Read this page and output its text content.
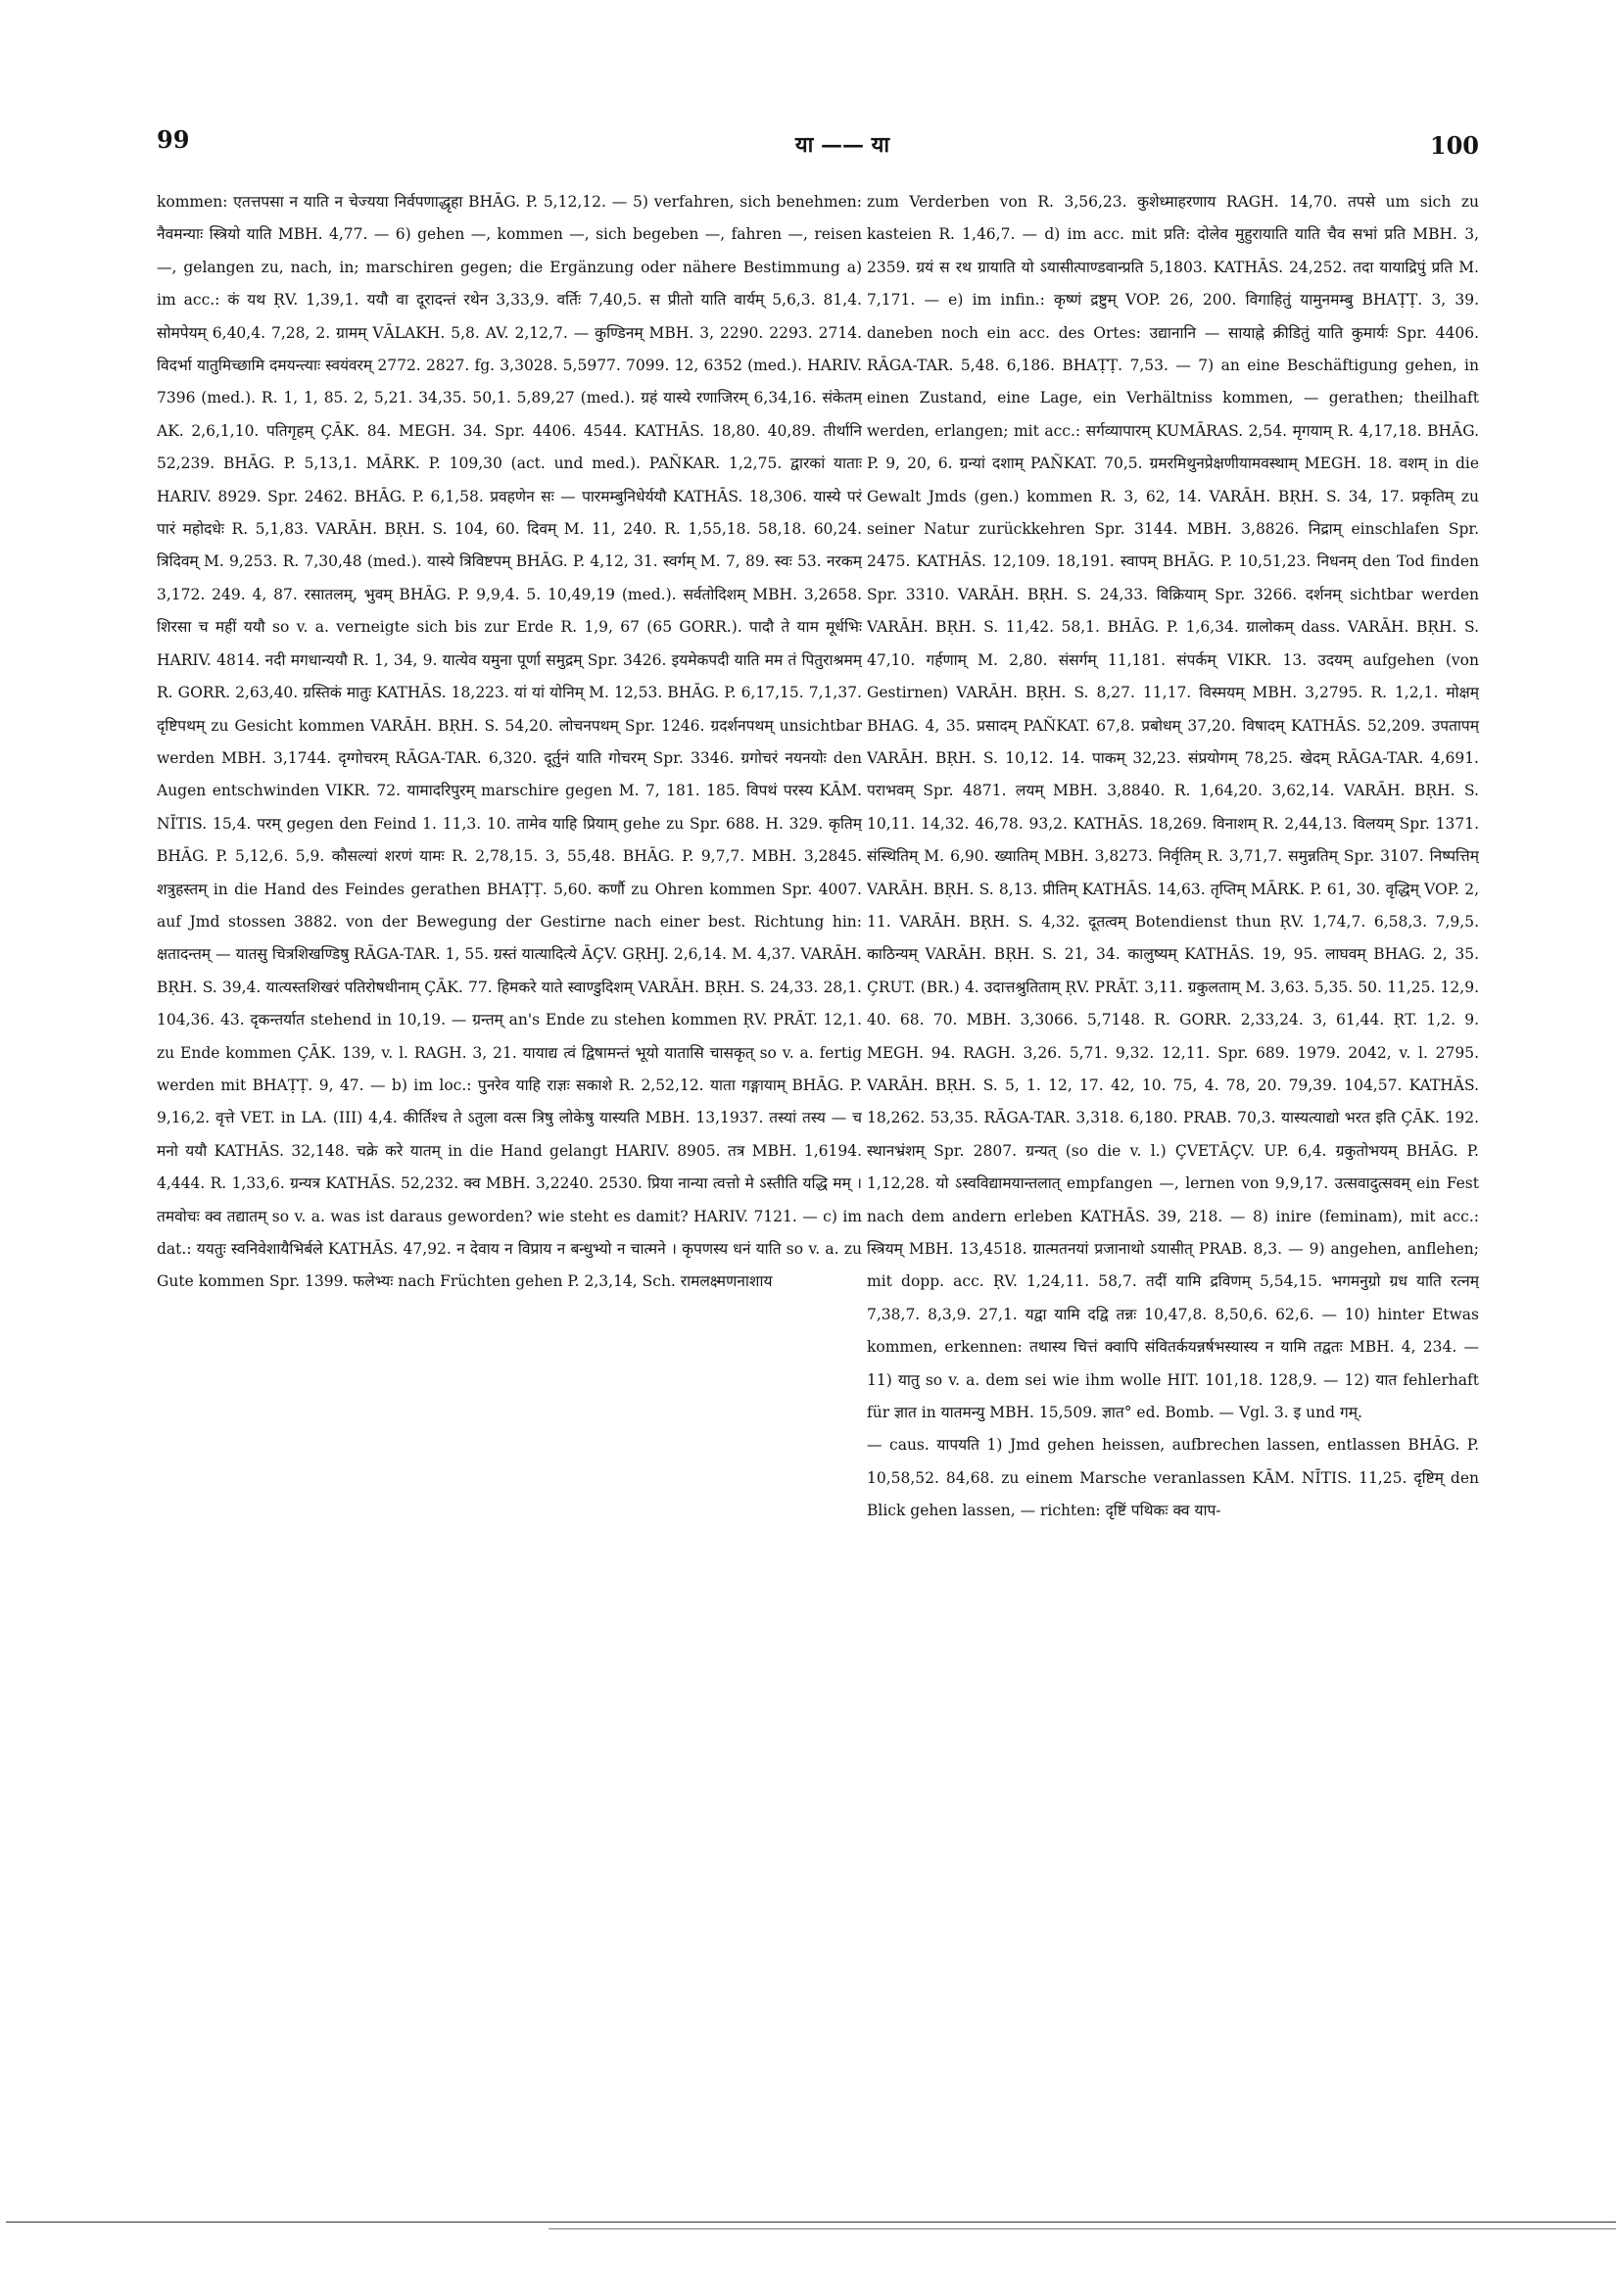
99	या —— या	100

kommen: एतत्तपसा न याति न चेज्यया निर्वपणाद्धृहा BHĀG. P. 5,12,12. — 5) verfahren, sich benehmen: नैवमन्याः स्त्रियो याति MBH. 4,77. — 6) gehen —, kommen —, sich begeben —, fahren —, reisen —, gelangen zu, nach, in; marschiren gegen; die Ergänzung oder nähere Bestimmung a) im acc.: कं यथ ṚV. 1,39,1. ययौ वा दूरादन्तं रथेन 3,33,9. वर्तिः 7,40,5. स प्रीतो याति वार्यम् 5,6,3. 81,4. सोमपेयम् 6,40,4. 7,28, 2. ग्रामम् VĀLAKH. 5,8. AV. 2,12,7. — कुण्डिनम् MBH. 3, 2290. 2293. 2714. विदर्भा यातुमिच्छामि दमयन्त्याः स्वयंवरम् 2772. 2827. fg. 3,3028. 5,5977. 7099. 12, 6352 (med.). HARIV. 7396 (med.). R. 1, 1, 85. 2, 5,21. 34,35. 50,1. 5,89,27 (med.). ग्रहं यास्ये रणाजिरम् 6,34,16. संकेतम् AK. 2,6,1,10. पतिगृहम् ÇĀK. 84. MEGH. 34. Spr. 4406. 4544. KATHĀS. 18,80. 40,89. तीर्थानि 52,239. BHĀG. P. 5,13,1. MĀRK. P. 109,30 (act. und med.). PAÑKAR. 1,2,75. द्वारकां याताः HARIV. 8929. Spr. 2462. BHĀG. P. 6,1,58. प्रवहणेन सः — पारमम्बुनिधेर्ययौ KATHĀS. 18,306. यास्ये परं पारं महोदधेः R. 5,1,83. VARĀH. BṚH. S. 104, 60. दिवम् M. 11, 240. R. 1,55,18. 58,18. 60,24. त्रिदिवम् M. 9,253. R. 7,30,48 (med.). यास्ये त्रिविष्टपम् BHĀG. P. 4,12, 31. स्वर्गम् M. 7, 89. स्वः 53. नरकम् 3,172. 249. 4, 87. रसातलम्, भुवम् BHĀG. P. 9,9,4. 5. 10,49,19 (med.). सर्वतोदिशम् MBH. 3,2658. शिरसा च महीं ययौ so v. a. verneigte sich bis zur Erde R. 1,9, 67 (65 GORR.). पादौ ते याम मूर्धभिः HARIV. 4814. नदी मगधान्ययौ R. 1, 34, 9. यात्येव यमुना पूर्णा समुद्रम् Spr. 3426. इयमेकपदी याति मम तं पितुराश्रमम् R. GORR. 2,63,40. ग्रस्तिकं मातुः KATHĀS. 18,223. यां यां योनिम् M. 12,53. BHĀG. P. 6,17,15. 7,1,37. दृष्टिपथम् zu Gesicht kommen VARĀH. BṚH. S. 54,20. लोचनपथम् Spr. 1246. ग्रदर्शनपथम् unsichtbar werden MBH. 3,1744. दृग्गोचरम् RĀGA-TAR. 6,320. दूर्तुनं याति गोचरम् Spr. 3346. ग्रगोचरं नयनयोः den Augen entschwinden VIKR. 72. यामादरिपुरम् marschire gegen M. 7, 181. 185. विपथं परस्य KĀM. NĪTIS. 15,4. परम् gegen den Feind 1. 11,3. 10. तामेव याहि प्रियाम् gehe zu Spr. 688. H. 329. कृतिम् BHĀG. P. 5,12,6. 5,9. कौसल्यां शरणं यामः R. 2,78,15. 3, 55,48. BHĀG. P. 9,7,7. MBH. 3,2845. शत्रुहस्तम् in die Hand des Feindes gerathen BHAṬṬ. 5,60. कर्णौ zu Ohren kommen Spr. 4007. auf Jmd stossen 3882. von der Bewegung der Gestirne nach einer best. Richtung hin: क्षतादन्तम् — यातसु चित्रशिखण्डिषु RĀGA-TAR. 1, 55. ग्रस्तं यात्यादित्ये ĀÇV. GṚHJ. 2,6,14. M. 4,37. VARĀH. BṚH. S. 39,4. यात्यस्तशिखरं पतिरोषधीनाम् ÇĀK. 77. हिमकरे याते स्वाण्डुदिशम् VARĀH. BṚH. S. 24,33. 28,1. 104,36. 43. दृकन्तर्यात stehend in 10,19. — ग्रन्तम् an's Ende zu stehen kommen ṚV. PRĀT. 12,1. zu Ende kommen ÇĀK. 139, v. l. RAGH. 3, 21. यायाद्य त्वं द्विषामन्तं भूयो यातासि चासकृत् so v. a. fertig werden mit BHAṬṬ. 9, 47. — b) im loc.: पुनरेव याहि राज्ञः सकाशे R. 2,52,12. याता गङ्गायाम् BHĀG. P. 9,16,2. वृत्ते VET. in LA. (III) 4,4. कीर्तिश्च ते ऽतुला वत्स त्रिषु लोकेषु यास्यति MBH. 13,1937. तस्यां तस्य — च मनो ययौ KATHĀS. 32,148. चक्रे करे यातम् in die Hand gelangt HARIV. 8905. तत्र MBH. 1,6194. 4,444. R. 1,33,6. ग्रन्यत्र KATHĀS. 52,232. क्व MBH. 3,2240. 2530. प्रिया नान्या त्वत्तो मे ऽस्तीति यद्धि मम् । तमवोचः क्व तद्यातम् so v. a. was ist daraus geworden? wie steht es damit? HARIV. 7121. — c) im dat.: ययतुः स्वनिवेशायैभिर्बले KATHĀS. 47,92. न देवाय न विप्राय न बन्धुभ्यो न चात्मने । कृपणस्य धनं याति so v. a. zu Gute kommen Spr. 1399. फलेभ्यः nach Früchten gehen P. 2,3,14, Sch. रामलक्ष्मणनाशाय

zum Verderben von R. 3,56,23. कुशेध्माहरणाय RAGH. 14,70. तपसे um sich zu kasteien R. 1,46,7. — d) im acc. mit प्रति: दोलेव मुहुरायाति याति चैव सभां प्रति MBH. 3, 2359. ग्रयं स रथ ग्रायाति यो ऽयासीत्पाण्डवान्प्रति 5,1803. KATHĀS. 24,252. तदा यायाद्रिपुं प्रति M. 7,171. — e) im infin.: कृष्णं द्रष्टुम् VOP. 26, 200. विगाहितुं यामुनमम्बु BHAṬṬ. 3, 39. daneben noch ein acc. des Ortes: उद्यानानि — सायाह्ने क्रीडितुं याति कुमार्यः Spr. 4406. RĀGA-TAR. 5,48. 6,186. BHAṬṬ. 7,53. — 7) an eine Beschäftigung gehen, in einen Zustand, eine Lage, ein Verhältniss kommen, — gerathen; theilhaft werden, erlangen; mit acc.: सर्गव्यापारम् KUMĀRAS. 2,54. मृगयाम् R. 4,17,18. BHĀG. P. 9, 20, 6. ग्रन्यां दशाम् PAÑKAT. 70,5. ग्रमरमिथुनप्रेक्षणीयामवस्थाम् MEGH. 18. वशम् in die Gewalt Jmds (gen.) kommen R. 3, 62, 14. VARĀH. BṚH. S. 34, 17. प्रकृतिम् zu seiner Natur zurückkehren Spr. 3144. MBH. 3,8826. निद्राम् einschlafen Spr. 2475. KATHĀS. 12,109. 18,191. स्वापम् BHĀG. P. 10,51,23. निधनम् den Tod finden Spr. 3310. VARĀH. BṚH. S. 24,33. विक्रियाम् Spr. 3266. दर्शनम् sichtbar werden VARĀH. BṚH. S. 11,42. 58,1. BHĀG. P. 1,6,34. ग्रालोकम् dass. VARĀH. BṚH. S. 47,10. गर्हणाम् M. 2,80. संसर्गम् 11,181. संपर्कम् VIKR. 13. उदयम् aufgehen (von Gestirnen) VARĀH. BṚH. S. 8,27. 11,17. विस्मयम् MBH. 3,2795. R. 1,2,1. मोक्षम् BHAG. 4, 35. प्रसादम् PAÑKAT. 67,8. प्रबोधम् 37,20. विषादम् KATHĀS. 52,209. उपतापम् VARĀH. BṚH. S. 10,12. 14. पाकम् 32,23. संप्रयोगम् 78,25. खेदम् RĀGA-TAR. 4,691. पराभवम् Spr. 4871. लयम् MBH. 3,8840. R. 1,64,20. 3,62,14. VARĀH. BṚH. S. 10,11. 14,32. 46,78. 93,2. KATHĀS. 18,269. विनाशम् R. 2,44,13. विलयम् Spr. 1371. संस्थितिम् M. 6,90. ख्यातिम् MBH. 3,8273. निर्वृतिम् R. 3,71,7. समुन्नतिम् Spr. 3107. निष्पत्तिम् VARĀH. BṚH. S. 8,13. प्रीतिम् KATHĀS. 14,63. तृप्तिम् MĀRK. P. 61, 30. वृद्धिम् VOP. 2, 11. VARĀH. BṚH. S. 4,32. दूतत्वम् Botendienst thun ṚV. 1,74,7. 6,58,3. 7,9,5. काठिन्यम् VARĀH. BṚH. S. 21, 34. कालुष्यम् KATHĀS. 19, 95. लाघवम् BHAG. 2, 35. ÇRUT. (BR.) 4. उदात्तश्रुतिताम् ṚV. PRĀT. 3,11. ग्रकुलताम् M. 3,63. 5,35. 50. 11,25. 12,9. 40. 68. 70. MBH. 3,3066. 5,7148. R. GORR. 2,33,24. 3, 61,44. ṚT. 1,2. 9. MEGH. 94. RAGH. 3,26. 5,71. 9,32. 12,11. Spr. 689. 1979. 2042, v. l. 2795. VARĀH. BṚH. S. 5, 1. 12, 17. 42, 10. 75, 4. 78, 20. 79,39. 104,57. KATHĀS. 18,262. 53,35. RĀGA-TAR. 3,318. 6,180. PRAB. 70,3. यास्यत्याद्यो भरत इति ÇĀK. 192. स्थानभ्रंशम् Spr. 2807. ग्रन्यत् (so die v. l.) ÇVETĀÇV. UP. 6,4. ग्रकुतोभयम् BHĀG. P. 1,12,28. यो ऽस्वविद्यामयान्तलात् empfangen —, lernen von 9,9,17. उत्सवादुत्सवम् ein Fest nach dem andern erleben KATHĀS. 39, 218. — 8) inire (feminam), mit acc.: स्त्रियम् MBH. 13,4518. ग्रात्मतनयां प्रजानाथो ऽयासीत् PRAB. 8,3. — 9) angehen, anflehen; mit dopp. acc. ṚV. 1,24,11. 58,7. तदीं यामि द्रविणम् 5,54,15. भगमनुग्रो ग्रध याति रत्नम् 7,38,7. 8,3,9. 27,1. यद्वा यामि दद्वि तन्नः 10,47,8. 8,50,6. 62,6. — 10) hinter Etwas kommen, erkennen: तथास्य चित्तं क्वापि संवितर्कयन्नर्षभस्यास्य न यामि तद्वतः MBH. 4, 234. — 11) यातु so v. a. dem sei wie ihm wolle HIT. 101,18. 128,9. — 12) यात fehlerhaft für ज्ञात in यातमन्यु MBH. 15,509. ज्ञात° ed. Bomb. — Vgl. 3. इ und गम्.

— caus. यापयति 1) Jmd gehen heissen, aufbrechen lassen, entlassen BHĀG. P. 10,58,52. 84,68. zu einem Marsche veranlassen KĀM. NĪTIS. 11,25. दृष्टिम् den Blick gehen lassen, — richten: दृष्टिं पथिकः क्व याप-
